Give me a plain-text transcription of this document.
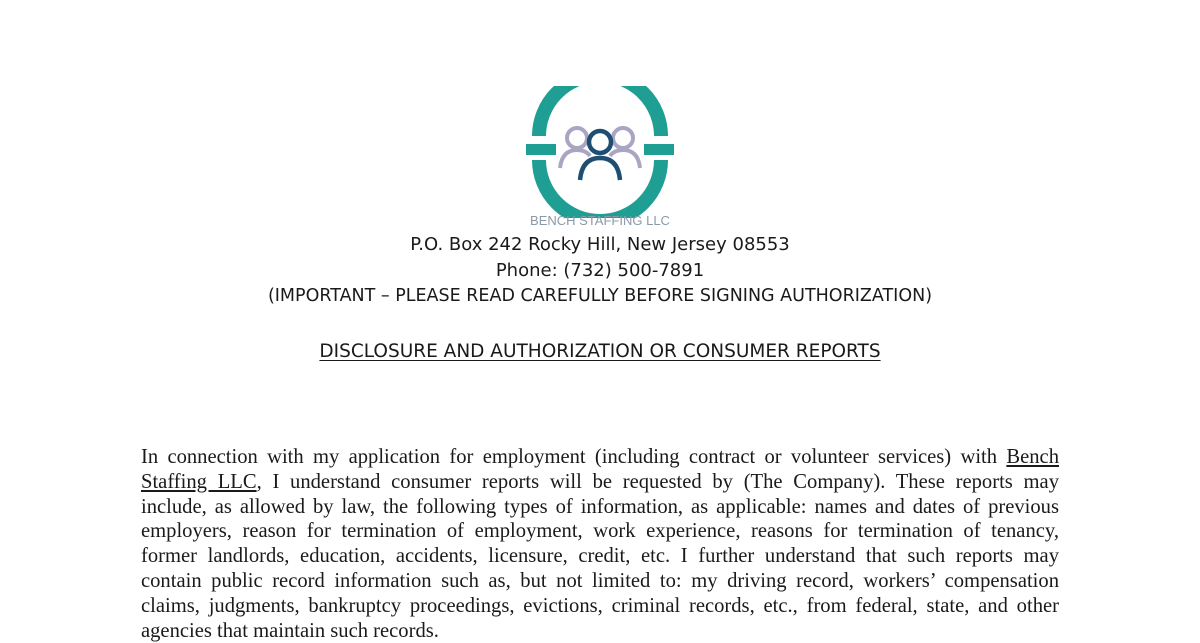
BENCH STAFFING LLC
P.O. Box 242 Rocky Hill, New Jersey 08553
Phone: (732) 500-7891
(IMPORTANT – PLEASE READ CAREFULLY BEFORE SIGNING AUTHORIZATION)
DISCLOSURE AND AUTHORIZATION OR CONSUMER REPORTS
In connection with my application for employment (including contract or volunteer services) with Bench
Staffing LLC, I understand consumer reports will be requested by (The Company). These reports may
include, as allowed by law, the following types of information, as applicable: names and dates of previous
employers, reason for termination of employment, work experience, reasons for termination of tenancy,
former landlords, education, accidents, licensure, credit, etc. I further understand that such reports may
contain public record information such as, but not limited to: my driving record, workers’ compensation
claims, judgments, bankruptcy proceedings, evictions, criminal records, etc., from federal, state, and other
agencies that maintain such records.
